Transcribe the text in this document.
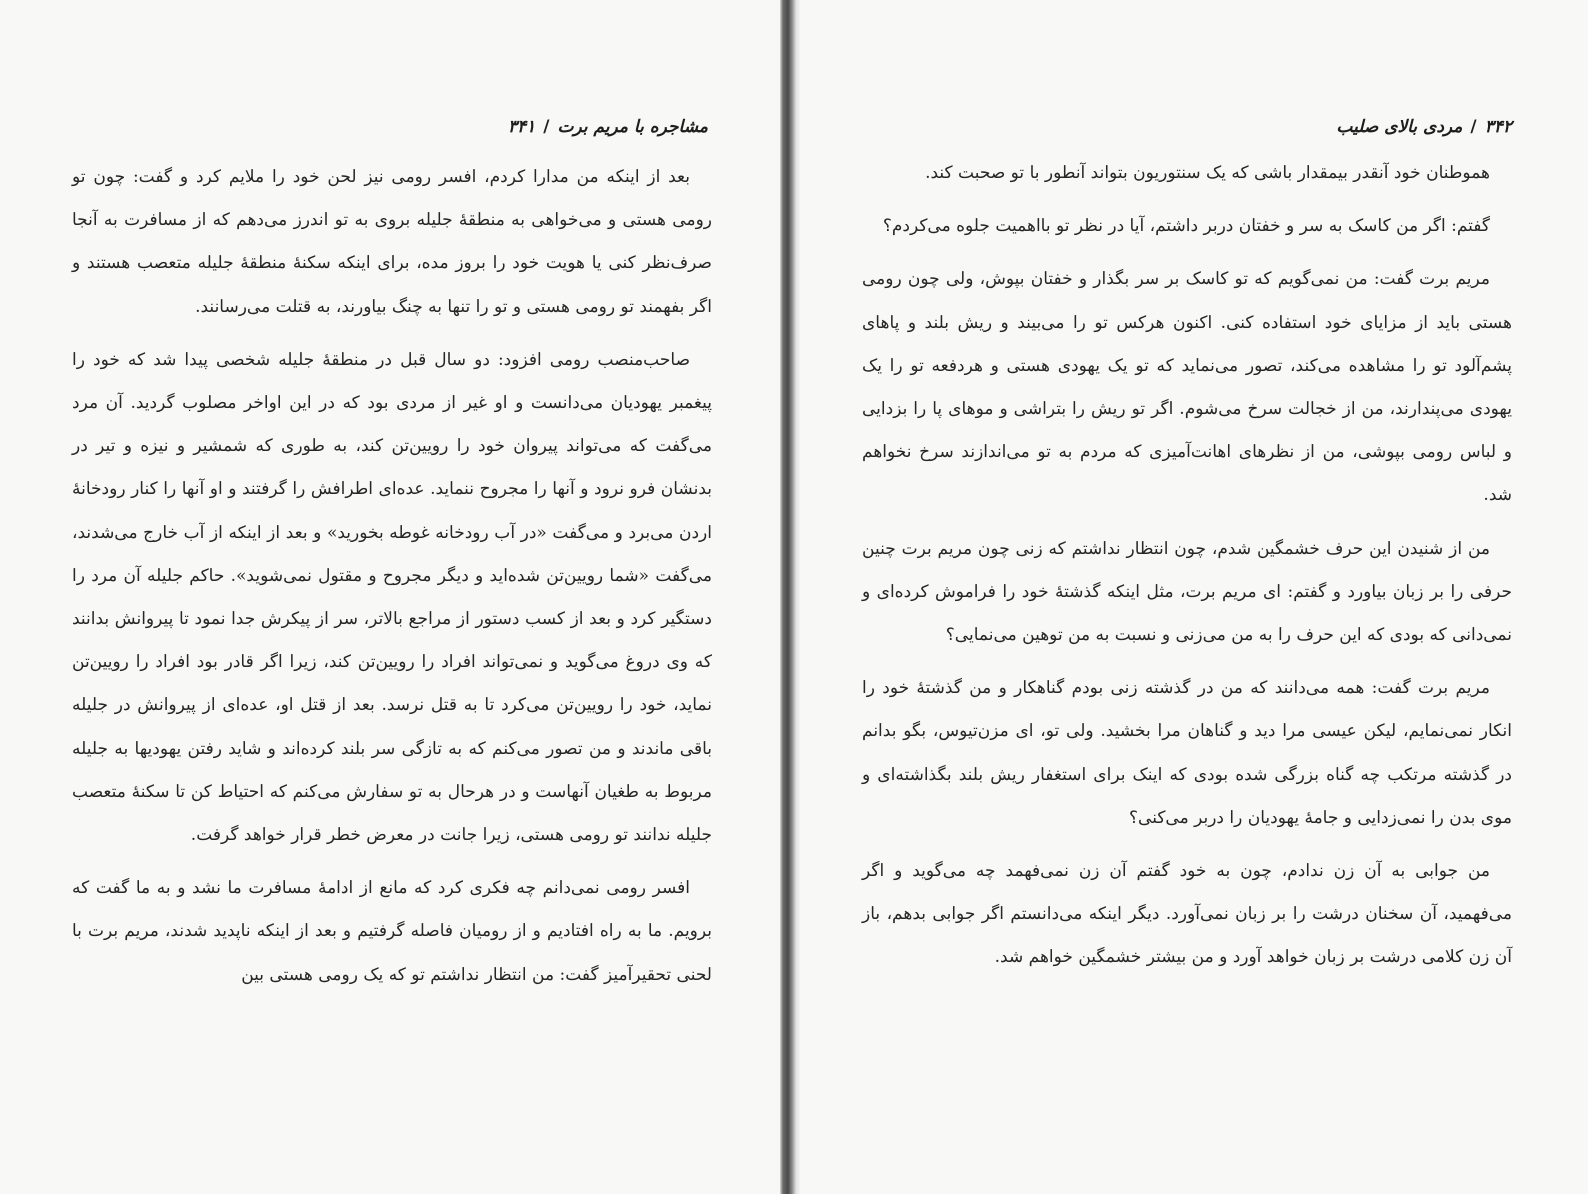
مشاجره با مریم برت/۳۴۱

بعد از اینکه من مدارا کردم، افسر رومی نیز لحن خود را ملایم کرد و گفت: چون تو رومی هستی و می‌خواهی به منطقهٔ جلیله بروی به تو اندرز می‌دهم که از مسافرت به آنجا صرف‌نظر کنی یا هویت خود را بروز مده، برای اینکه سکنهٔ منطقهٔ جلیله متعصب هستند و اگر بفهمند تو رومی هستی و تو را تنها به چنگ بیاورند، به قتلت می‌رسانند.

صاحب‌منصب رومی افزود: دو سال قبل در منطقهٔ جلیله شخصی پیدا شد که خود را پیغمبر یهودیان می‌دانست و او غیر از مردی بود که در این اواخر مصلوب گردید. آن مرد می‌گفت که می‌تواند پیروان خود را رویین‌تن کند، به طوری که شمشیر و نیزه و تیر در بدنشان فرو نرود و آنها را مجروح ننماید. عده‌ای اطرافش را گرفتند و او آنها را کنار رودخانهٔ اردن می‌برد و می‌گفت «در آب رودخانه غوطه بخورید» و بعد از اینکه از آب خارج می‌شدند، می‌گفت «شما رویین‌تن شده‌اید و دیگر مجروح و مقتول نمی‌شوید». حاکم جلیله آن مرد را دستگیر کرد و بعد از کسب دستور از مراجع بالاتر، سر از پیکرش جدا نمود تا پیروانش بدانند که وی دروغ می‌گوید و نمی‌تواند افراد را رویین‌تن کند، زیرا اگر قادر بود افراد را رویین‌تن نماید، خود را رویین‌تن می‌کرد تا به قتل نرسد. بعد از قتل او، عده‌ای از پیروانش در جلیله باقی ماندند و من تصور می‌کنم که به تازگی سر بلند کرده‌اند و شاید رفتن یهودیها به جلیله مربوط به طغیان آنهاست و در هرحال به تو سفارش می‌کنم که احتیاط کن تا سکنهٔ متعصب جلیله ندانند تو رومی هستی، زیرا جانت در معرض خطر قرار خواهد گرفت.

افسر رومی نمی‌دانم چه فکری کرد که مانع از ادامهٔ مسافرت ما نشد و به ما گفت که برویم. ما به راه افتادیم و از رومیان فاصله گرفتیم و بعد از اینکه ناپدید شدند، مریم برت با لحنی تحقیرآمیز گفت: من انتظار نداشتم تو که یک رومی هستی بین

۳۴۲/مردی بالای صلیب

هموطنان خود آنقدر بیمقدار باشی که یک سنتوریون بتواند آنطور با تو صحبت کند.

گفتم: اگر من کاسک به سر و خفتان دربر داشتم، آیا در نظر تو بااهمیت جلوه می‌کردم؟

مریم برت گفت: من نمی‌گویم که تو کاسک بر سر بگذار و خفتان بپوش، ولی چون رومی هستی باید از مزایای خود استفاده کنی. اکنون هرکس تو را می‌بیند و ریش بلند و پاهای پشم‌آلود تو را مشاهده می‌کند، تصور می‌نماید که تو یک یهودی هستی و هردفعه تو را یک یهودی می‌پندارند، من از خجالت سرخ می‌شوم. اگر تو ریش را بتراشی و موهای پا را بزدایی و لباس رومی بپوشی، من از نظرهای اهانت‌آمیزی که مردم به تو می‌اندازند سرخ نخواهم شد.

من از شنیدن این حرف خشمگین شدم، چون انتظار نداشتم که زنی چون مریم برت چنین حرفی را بر زبان بیاورد و گفتم: ای مریم برت، مثل اینکه گذشتهٔ خود را فراموش کرده‌ای و نمی‌دانی که بودی که این حرف را به من می‌زنی و نسبت به من توهین می‌نمایی؟

مریم برت گفت: همه می‌دانند که من در گذشته زنی بودم گناهکار و من گذشتهٔ خود را انکار نمی‌نمایم، لیکن عیسی مرا دید و گناهان مرا بخشید. ولی تو، ای مزن‌تیوس، بگو بدانم در گذشته مرتکب چه گناه بزرگی شده بودی که اینک برای استغفار ریش بلند بگذاشته‌ای و موی بدن را نمی‌زدایی و جامهٔ یهودیان را دربر می‌کنی؟

من جوابی به آن زن ندادم، چون به خود گفتم آن زن نمی‌فهمد چه می‌گوید و اگر می‌فهمید، آن سخنان درشت را بر زبان نمی‌آورد. دیگر اینکه می‌دانستم اگر جوابی بدهم، باز آن زن کلامی درشت بر زبان خواهد آورد و من بیشتر خشمگین خواهم شد.
